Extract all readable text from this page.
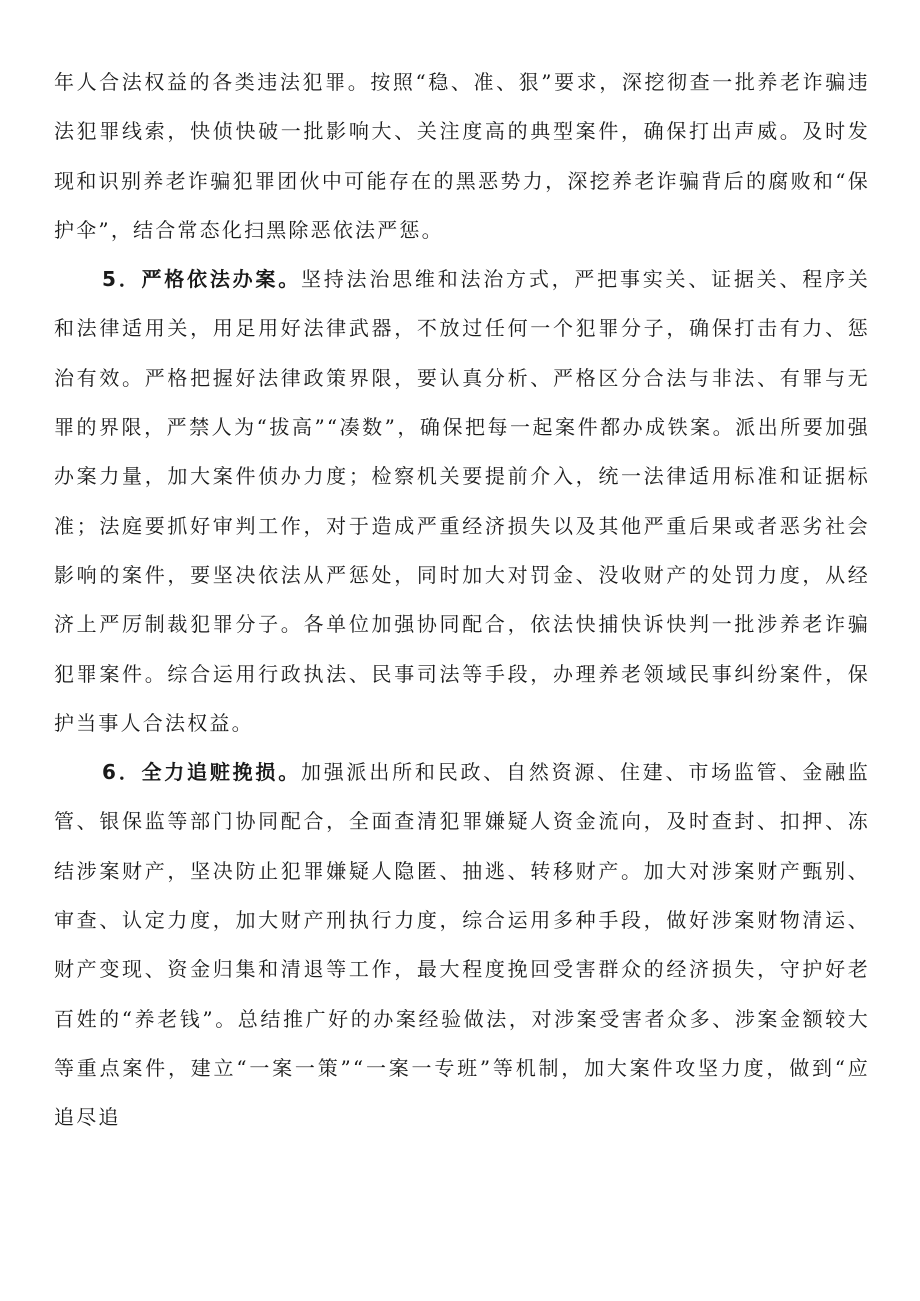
年人合法权益的各类违法犯罪。按照“稳、准、狠”要求，深挖彻查一批养老诈骗违法犯罪线索，快侦快破一批影响大、关注度高的典型案件，确保打出声威。及时发现和识别养老诈骗犯罪团伙中可能存在的黑恶势力，深挖养老诈骗背后的腐败和“保护伞”，结合常态化扫黑除恶依法严惩。

5．严格依法办案。坚持法治思维和法治方式，严把事实关、证据关、程序关和法律适用关，用足用好法律武器，不放过任何一个犯罪分子，确保打击有力、惩治有效。严格把握好法律政策界限，要认真分析、严格区分合法与非法、有罪与无罪的界限，严禁人为“拔高”“凑数”，确保把每一起案件都办成铁案。派出所要加强办案力量，加大案件侦办力度；检察机关要提前介入，统一法律适用标准和证据标准；法庭要抓好审判工作，对于造成严重经济损失以及其他严重后果或者恶劣社会影响的案件，要坚决依法从严惩处，同时加大对罚金、没收财产的处罚力度，从经济上严厉制裁犯罪分子。各单位加强协同配合，依法快捕快诉快判一批涉养老诈骗犯罪案件。综合运用行政执法、民事司法等手段，办理养老领域民事纠纷案件，保护当事人合法权益。

6．全力追赃挽损。加强派出所和民政、自然资源、住建、市场监管、金融监管、银保监等部门协同配合，全面查清犯罪嫌疑人资金流向，及时查封、扣押、冻结涉案财产，坚决防止犯罪嫌疑人隐匿、抽逃、转移财产。加大对涉案财产甄别、审查、认定力度，加大财产刑执行力度，综合运用多种手段，做好涉案财物清运、财产变现、资金归集和清退等工作，最大程度挽回受害群众的经济损失，守护好老百姓的“养老钱”。总结推广好的办案经验做法，对涉案受害者众多、涉案金额较大等重点案件，建立“一案一策”“一案一专班”等机制，加大案件攻坚力度，做到“应追尽追
